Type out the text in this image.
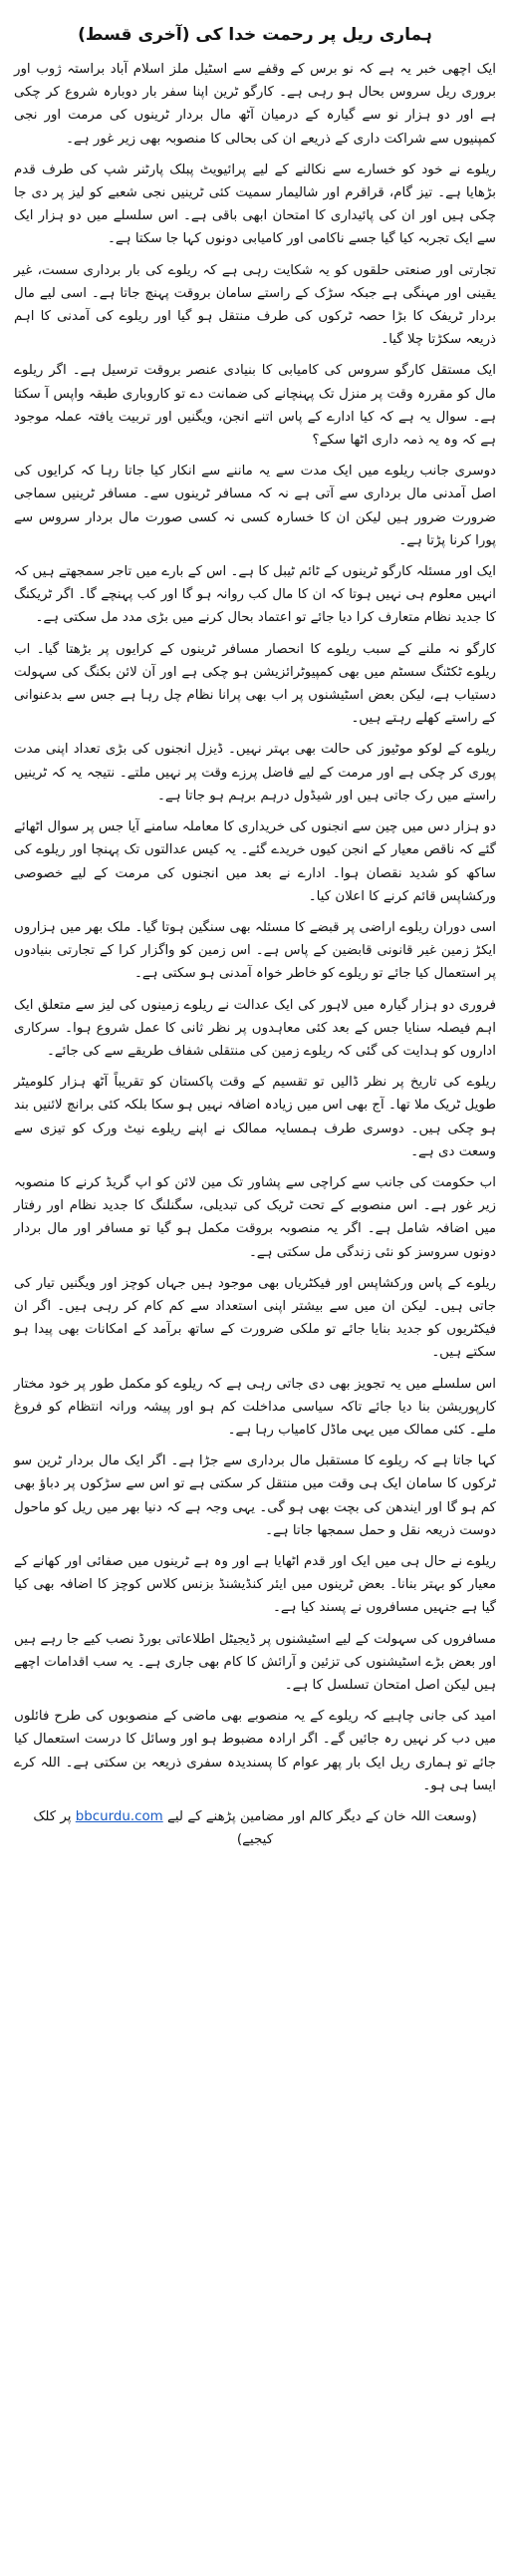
ہماری ریل پر رحمت خدا کی (آخری قسط)

ایک اچھی خبر یہ ہے کہ نو برس کے وقفے سے اسٹیل ملز اسلام آباد براستہ ژوب اور بروری ریل سروس بحال ہو رہی ہے۔ کارگو ٹرین اپنا سفر بار دوبارہ شروع کر چکی ہے اور دو ہزار نو سے گیارہ کے درمیان آٹھ مال بردار ٹرینوں کی مرمت اور نجی کمپنیوں سے شراکت داری کے ذریعے ان کی بحالی کا منصوبہ بھی زیر غور ہے۔

ریلوے نے خود کو خسارے سے نکالنے کے لیے پرائیویٹ پبلک پارٹنر شپ کی طرف قدم بڑھایا ہے۔ تیز گام، قراقرم اور شالیمار سمیت کئی ٹرینیں نجی شعبے کو لیز پر دی جا چکی ہیں اور ان کی پائیداری کا امتحان ابھی باقی ہے۔ اس سلسلے میں دو ہزار ایک سے ایک تجربہ کیا گیا جسے ناکامی اور کامیابی دونوں کہا جا سکتا ہے۔

تجارتی اور صنعتی حلقوں کو یہ شکایت رہی ہے کہ ریلوے کی بار برداری سست، غیر یقینی اور مہنگی ہے جبکہ سڑک کے راستے سامان بروقت پہنچ جاتا ہے۔ اسی لیے مال بردار ٹریفک کا بڑا حصہ ٹرکوں کی طرف منتقل ہو گیا اور ریلوے کی آمدنی کا اہم ذریعہ سکڑتا چلا گیا۔

ایک مستقل کارگو سروس کی کامیابی کا بنیادی عنصر بروقت ترسیل ہے۔ اگر ریلوے مال کو مقررہ وقت پر منزل تک پہنچانے کی ضمانت دے تو کاروباری طبقہ واپس آ سکتا ہے۔ سوال یہ ہے کہ کیا ادارے کے پاس اتنے انجن، ویگنیں اور تربیت یافتہ عملہ موجود ہے کہ وہ یہ ذمہ داری اٹھا سکے؟

دوسری جانب ریلوے میں ایک مدت سے یہ ماننے سے انکار کیا جاتا رہا کہ کرایوں کی اصل آمدنی مال برداری سے آتی ہے نہ کہ مسافر ٹرینوں سے۔ مسافر ٹرینیں سماجی ضرورت ضرور ہیں لیکن ان کا خسارہ کسی نہ کسی صورت مال بردار سروس سے پورا کرنا پڑتا ہے۔

ایک اور مسئلہ کارگو ٹرینوں کے ٹائم ٹیبل کا ہے۔ اس کے بارے میں تاجر سمجھتے ہیں کہ انہیں معلوم ہی نہیں ہوتا کہ ان کا مال کب روانہ ہو گا اور کب پہنچے گا۔ اگر ٹریکنگ کا جدید نظام متعارف کرا دیا جائے تو اعتماد بحال کرنے میں بڑی مدد مل سکتی ہے۔

کارگو نہ ملنے کے سبب ریلوے کا انحصار مسافر ٹرینوں کے کرایوں پر بڑھتا گیا۔ اب ریلوے ٹکٹنگ سسٹم میں بھی کمپیوٹرائزیشن ہو چکی ہے اور آن لائن بکنگ کی سہولت دستیاب ہے، لیکن بعض اسٹیشنوں پر اب بھی پرانا نظام چل رہا ہے جس سے بدعنوانی کے راستے کھلے رہتے ہیں۔

ریلوے کے لوکو موٹیوز کی حالت بھی بہتر نہیں۔ ڈیزل انجنوں کی بڑی تعداد اپنی مدت پوری کر چکی ہے اور مرمت کے لیے فاضل پرزے وقت پر نہیں ملتے۔ نتیجہ یہ کہ ٹرینیں راستے میں رک جاتی ہیں اور شیڈول درہم برہم ہو جاتا ہے۔

دو ہزار دس میں چین سے انجنوں کی خریداری کا معاملہ سامنے آیا جس پر سوال اٹھائے گئے کہ ناقص معیار کے انجن کیوں خریدے گئے۔ یہ کیس عدالتوں تک پہنچا اور ریلوے کی ساکھ کو شدید نقصان ہوا۔ ادارے نے بعد میں انجنوں کی مرمت کے لیے خصوصی ورکشاپس قائم کرنے کا اعلان کیا۔

اسی دوران ریلوے اراضی پر قبضے کا مسئلہ بھی سنگین ہوتا گیا۔ ملک بھر میں ہزاروں ایکڑ زمین غیر قانونی قابضین کے پاس ہے۔ اس زمین کو واگزار کرا کے تجارتی بنیادوں پر استعمال کیا جائے تو ریلوے کو خاطر خواہ آمدنی ہو سکتی ہے۔

فروری دو ہزار گیارہ میں لاہور کی ایک عدالت نے ریلوے زمینوں کی لیز سے متعلق ایک اہم فیصلہ سنایا جس کے بعد کئی معاہدوں پر نظر ثانی کا عمل شروع ہوا۔ سرکاری اداروں کو ہدایت کی گئی کہ ریلوے زمین کی منتقلی شفاف طریقے سے کی جائے۔

ریلوے کی تاریخ پر نظر ڈالیں تو تقسیم کے وقت پاکستان کو تقریباً آٹھ ہزار کلومیٹر طویل ٹریک ملا تھا۔ آج بھی اس میں زیادہ اضافہ نہیں ہو سکا بلکہ کئی برانچ لائنیں بند ہو چکی ہیں۔ دوسری طرف ہمسایہ ممالک نے اپنے ریلوے نیٹ ورک کو تیزی سے وسعت دی ہے۔

اب حکومت کی جانب سے کراچی سے پشاور تک مین لائن کو اپ گریڈ کرنے کا منصوبہ زیر غور ہے۔ اس منصوبے کے تحت ٹریک کی تبدیلی، سگنلنگ کا جدید نظام اور رفتار میں اضافہ شامل ہے۔ اگر یہ منصوبہ بروقت مکمل ہو گیا تو مسافر اور مال بردار دونوں سروسز کو نئی زندگی مل سکتی ہے۔

ریلوے کے پاس ورکشاپس اور فیکٹریاں بھی موجود ہیں جہاں کوچز اور ویگنیں تیار کی جاتی ہیں۔ لیکن ان میں سے بیشتر اپنی استعداد سے کم کام کر رہی ہیں۔ اگر ان فیکٹریوں کو جدید بنایا جائے تو ملکی ضرورت کے ساتھ برآمد کے امکانات بھی پیدا ہو سکتے ہیں۔

اس سلسلے میں یہ تجویز بھی دی جاتی رہی ہے کہ ریلوے کو مکمل طور پر خود مختار کارپوریشن بنا دیا جائے تاکہ سیاسی مداخلت کم ہو اور پیشہ ورانہ انتظام کو فروغ ملے۔ کئی ممالک میں یہی ماڈل کامیاب رہا ہے۔

کہا جاتا ہے کہ ریلوے کا مستقبل مال برداری سے جڑا ہے۔ اگر ایک مال بردار ٹرین سو ٹرکوں کا سامان ایک ہی وقت میں منتقل کر سکتی ہے تو اس سے سڑکوں پر دباؤ بھی کم ہو گا اور ایندھن کی بچت بھی ہو گی۔ یہی وجہ ہے کہ دنیا بھر میں ریل کو ماحول دوست ذریعہ نقل و حمل سمجھا جاتا ہے۔

ریلوے نے حال ہی میں ایک اور قدم اٹھایا ہے اور وہ ہے ٹرینوں میں صفائی اور کھانے کے معیار کو بہتر بنانا۔ بعض ٹرینوں میں ایئر کنڈیشنڈ بزنس کلاس کوچز کا اضافہ بھی کیا گیا ہے جنہیں مسافروں نے پسند کیا ہے۔

مسافروں کی سہولت کے لیے اسٹیشنوں پر ڈیجیٹل اطلاعاتی بورڈ نصب کیے جا رہے ہیں اور بعض بڑے اسٹیشنوں کی تزئین و آرائش کا کام بھی جاری ہے۔ یہ سب اقدامات اچھے ہیں لیکن اصل امتحان تسلسل کا ہے۔

امید کی جانی چاہیے کہ ریلوے کے یہ منصوبے بھی ماضی کے منصوبوں کی طرح فائلوں میں دب کر نہیں رہ جائیں گے۔ اگر ارادہ مضبوط ہو اور وسائل کا درست استعمال کیا جائے تو ہماری ریل ایک بار پھر عوام کا پسندیدہ سفری ذریعہ بن سکتی ہے۔ اللہ کرے ایسا ہی ہو۔

(وسعت اللہ خان کے دیگر کالم اور مضامین پڑھنے کے لیے bbcurdu.com پر کلک کیجیے)
